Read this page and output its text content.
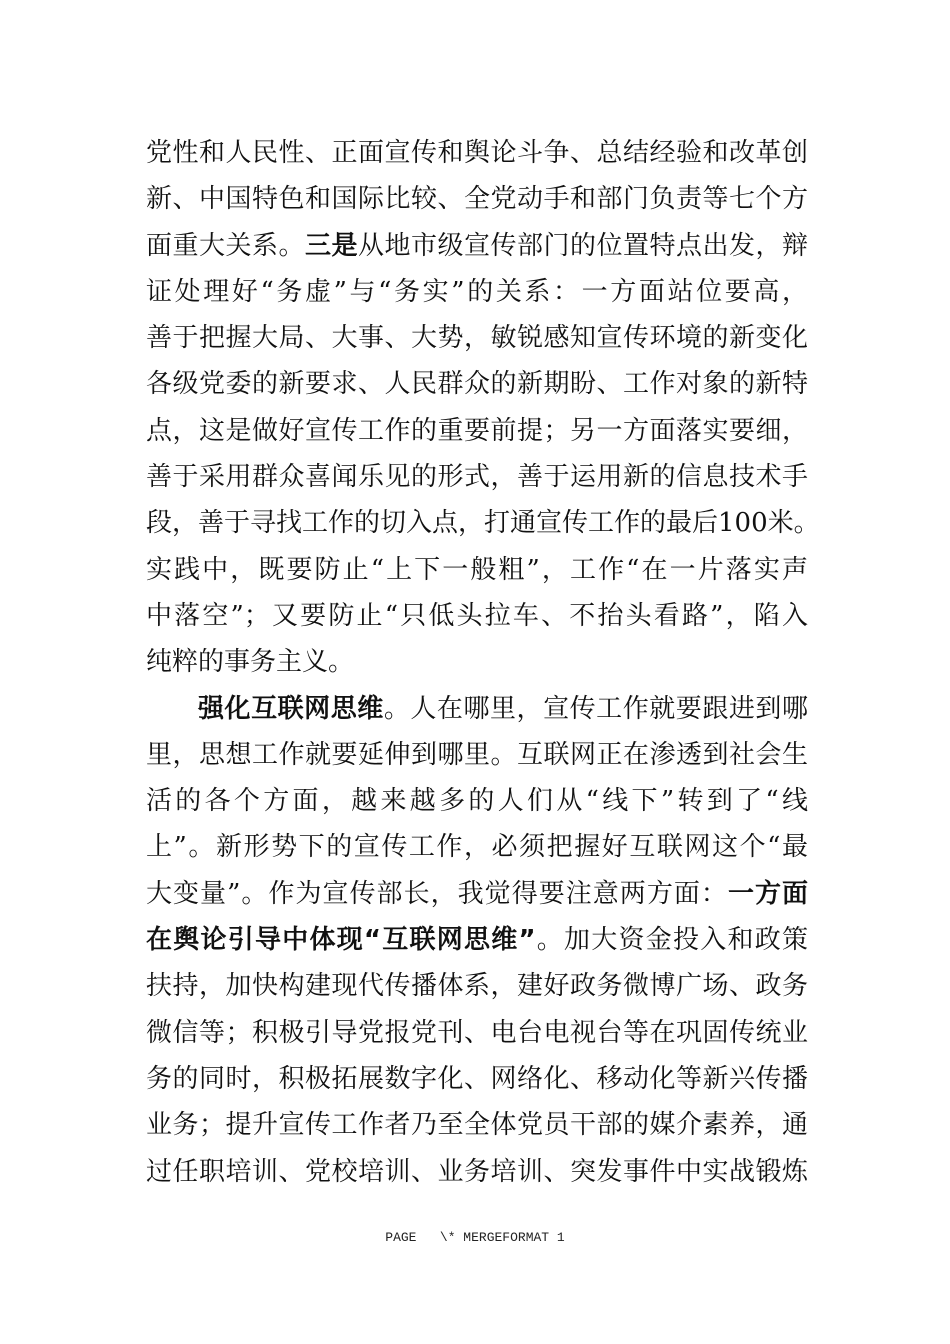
党性和人民性、正面宣传和舆论斗争、总结经验和改革创
新、中国特色和国际比较、全党动手和部门负责等七个方
面重大关系。三是从地市级宣传部门的位置特点出发，辩
证处理好“务虚”与“务实”的关系：一方面站位要高，
善于把握大局、大事、大势，敏锐感知宣传环境的新变化
各级党委的新要求、人民群众的新期盼、工作对象的新特
点，这是做好宣传工作的重要前提；另一方面落实要细，
善于采用群众喜闻乐见的形式，善于运用新的信息技术手
段，善于寻找工作的切入点，打通宣传工作的最后100米。
实践中，既要防止“上下一般粗”，工作“在一片落实声
中落空”；又要防止“只低头拉车、不抬头看路”，陷入
纯粹的事务主义。
强化互联网思维。人在哪里，宣传工作就要跟进到哪
里，思想工作就要延伸到哪里。互联网正在渗透到社会生
活的各个方面，越来越多的人们从“线下”转到了“线
上”。新形势下的宣传工作，必须把握好互联网这个“最
大变量”。作为宣传部长，我觉得要注意两方面：一方面
在舆论引导中体现“互联网思维”。加大资金投入和政策
扶持，加快构建现代传播体系，建好政务微博广场、政务
微信等；积极引导党报党刊、电台电视台等在巩固传统业
务的同时，积极拓展数字化、网络化、移动化等新兴传播
业务；提升宣传工作者乃至全体党员干部的媒介素养，通
过任职培训、党校培训、业务培训、突发事件中实战锻炼
PAGE   \* MERGEFORMAT 1
